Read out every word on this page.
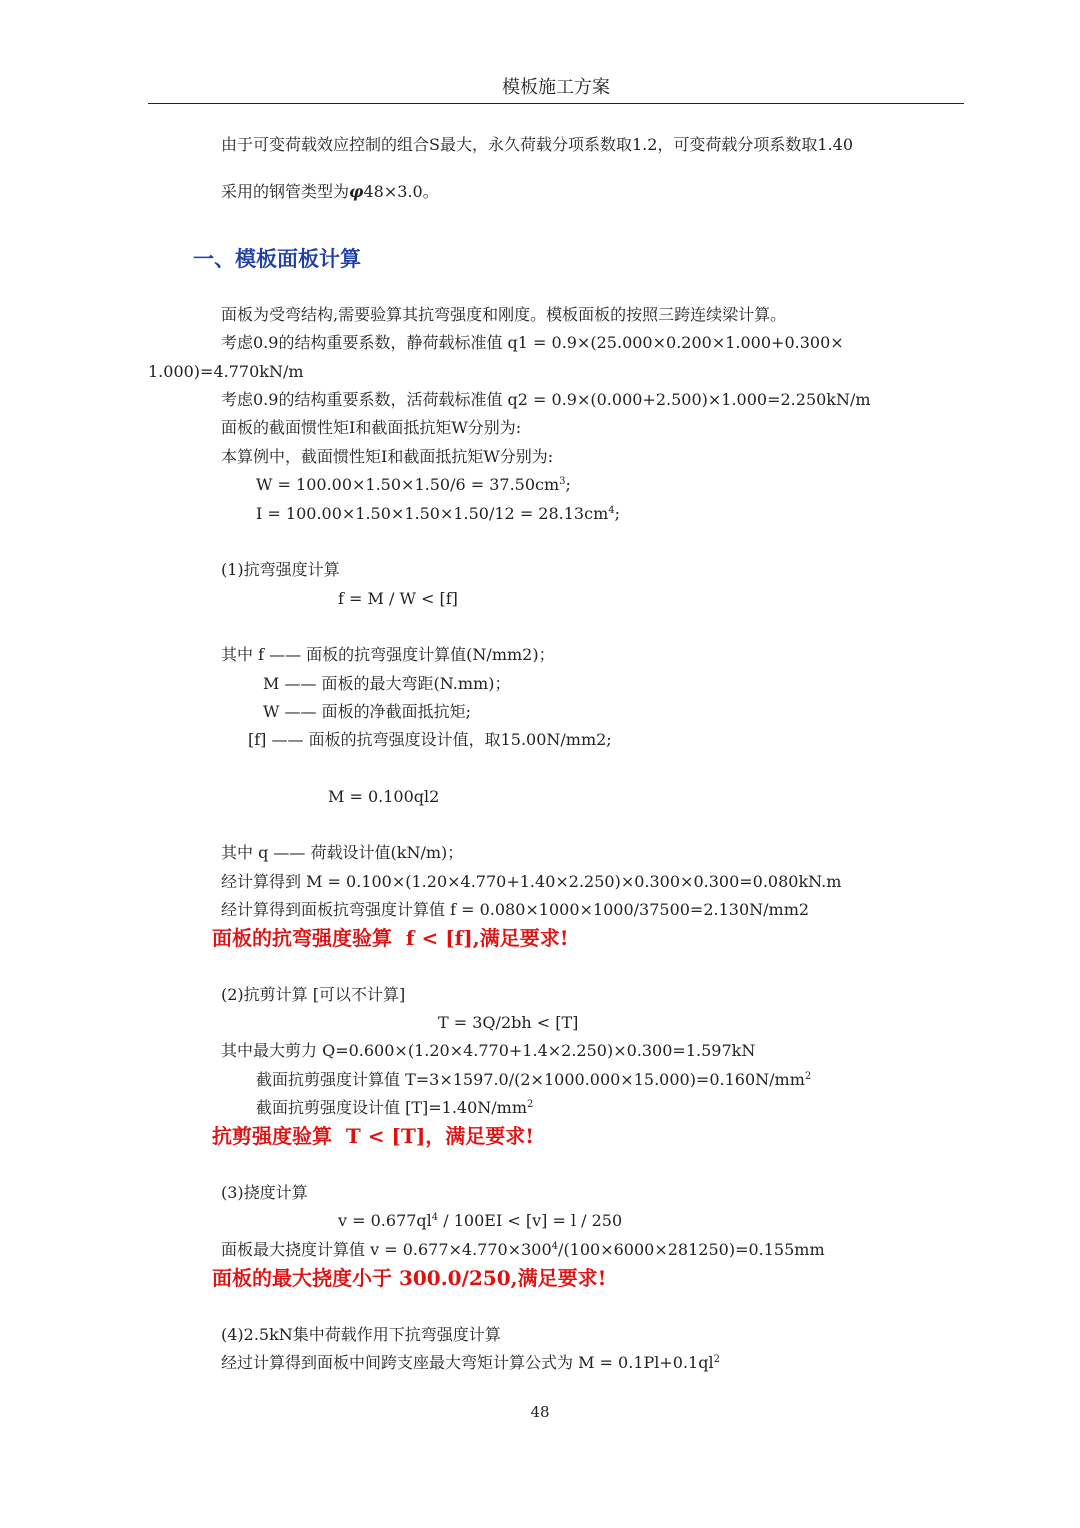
模板施工方案
由于可变荷载效应控制的组合S最大，永久荷载分项系数取1.2，可变荷载分项系数取1.40
采用的钢管类型为φ48×3.0。
一、模板面板计算
面板为受弯结构,需要验算其抗弯强度和刚度。模板面板的按照三跨连续梁计算。
考虑0.9的结构重要系数，静荷载标准值 q1 = 0.9×(25.000×0.200×1.000+0.300×
1.000)=4.770kN/m
考虑0.9的结构重要系数，活荷载标准值 q2 = 0.9×(0.000+2.500)×1.000=2.250kN/m
面板的截面惯性矩I和截面抵抗矩W分别为:
本算例中，截面惯性矩I和截面抵抗矩W分别为:
$W = 100.00\times 1.50\times 1.50/6 = 37.50cm^3$;
$I = 100.00\times 1.50\times 1.50\times 1.50/12 = 28.13cm^4$;
(1)抗弯强度计算
f = M / W < [f]
其中 f —— 面板的抗弯强度计算值(N/mm2)；
M —— 面板的最大弯距(N.mm)；
W —— 面板的净截面抵抗矩;
[f] —— 面板的抗弯强度设计值，取15.00N/mm2;
M = 0.100ql2
其中 q —— 荷载设计值(kN/m)；
经计算得到 M = 0.100×(1.20×4.770+1.40×2.250)×0.300×0.300=0.080kN.m
经计算得到面板抗弯强度计算值 f = 0.080×1000×1000/37500=2.130N/mm2
面板的抗弯强度验算  f < [f],满足要求!
(2)抗剪计算 [可以不计算]
T = 3Q/2bh < [T]
其中最大剪力 Q=0.600×(1.20×4.770+1.4×2.250)×0.300=1.597kN
截面抗剪强度计算值 $T=3\times 1597.0/(2\times 1000.000\times 15.000)=0.160N/mm^2$
截面抗剪强度设计值 $[T]=1.40N/mm^2$
抗剪强度验算  T < [T]，满足要求!
(3)挠度计算
$v = 0.677ql^4 / 100EI < [v] = l / 250$
面板最大挠度计算值 $v = 0.677\times 4.770\times 300^4/(100\times 6000\times 281250)=0.155mm$
面板的最大挠度小于 300.0/250,满足要求!
(4)2.5kN集中荷载作用下抗弯强度计算
经过计算得到面板中间跨支座最大弯矩计算公式为 $M = 0.1Pl+0.1ql^2$
48
